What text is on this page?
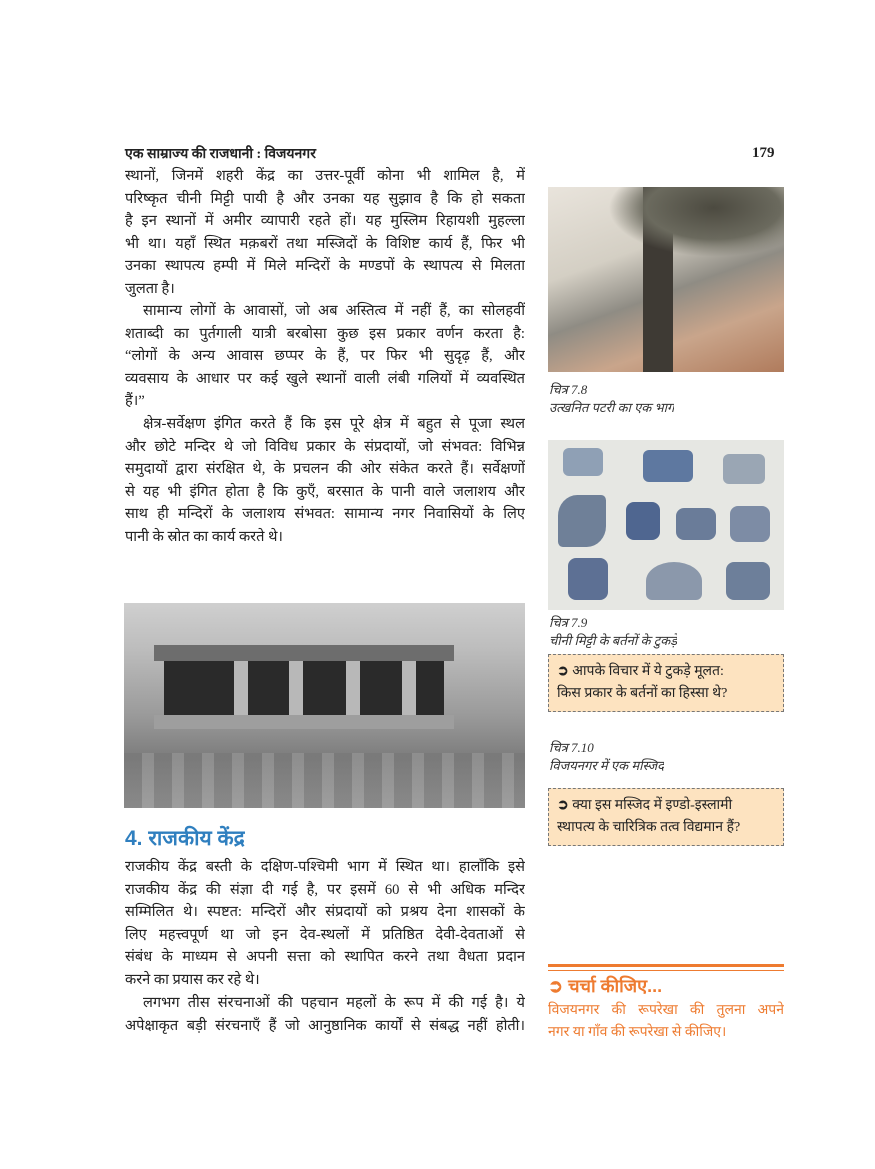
एक साम्राज्य की राजधानी : विजयनगर	179
स्थानों, जिनमें शहरी केंद्र का उत्तर-पूर्वी कोना भी शामिल है, में
परिष्कृत चीनी मिट्टी पायी है और उनका यह सुझाव है कि हो सकता
है इन स्थानों में अमीर व्यापारी रहते हों। यह मुस्लिम रिहायशी मुहल्ला
भी था। यहाँ स्थित मक़बरों तथा मस्जिदों के विशिष्ट कार्य हैं, फिर भी
उनका स्थापत्य हम्पी में मिले मन्दिरों के मण्डपों के स्थापत्य से मिलता
जुलता है।
सामान्य लोगों के आवासों, जो अब अस्तित्व में नहीं हैं, का सोलहवीं
शताब्दी का पुर्तगाली यात्री बरबोसा कुछ इस प्रकार वर्णन करता है:
“लोगों के अन्य आवास छप्पर के हैं, पर फिर भी सुदृढ़ हैं, और
व्यवसाय के आधार पर कई खुले स्थानों वाली लंबी गलियों में व्यवस्थित
हैं।”
क्षेत्र-सर्वेक्षण इंगित करते हैं कि इस पूरे क्षेत्र में बहुत से पूजा स्थल
और छोटे मन्दिर थे जो विविध प्रकार के संप्रदायों, जो संभवत: विभिन्न
समुदायों द्वारा संरक्षित थे, के प्रचलन की ओर संकेत करते हैं। सर्वेक्षणों
से यह भी इंगित होता है कि कुएँ, बरसात के पानी वाले जलाशय और
साथ ही मन्दिरों के जलाशय संभवत: सामान्य नगर निवासियों के लिए
पानी के स्रोत का कार्य करते थे।
4. राजकीय केंद्र
राजकीय केंद्र बस्ती के दक्षिण-पश्चिमी भाग में स्थित था। हालाँकि इसे
राजकीय केंद्र की संज्ञा दी गई है, पर इसमें 60 से भी अधिक मन्दिर
सम्मिलित थे। स्पष्टत: मन्दिरों और संप्रदायों को प्रश्रय देना शासकों के
लिए महत्त्वपूर्ण था जो इन देव-स्थलों में प्रतिष्ठित देवी-देवताओं से
संबंध के माध्यम से अपनी सत्ता को स्थापित करने तथा वैधता प्रदान
करने का प्रयास कर रहे थे।
लगभग तीस संरचनाओं की पहचान महलों के रूप में की गई है। ये
अपेक्षाकृत बड़ी संरचनाएँ हैं जो आनुष्ठानिक कार्यों से संबद्ध नहीं होती।
चित्र 7.8
उत्खनित पटरी का एक भाग
चित्र 7.9
चीनी मिट्टी के बर्तनों के टुकड़े
➲ आपके विचार में ये टुकड़े मूलत:
किस प्रकार के बर्तनों का हिस्सा थे?
चित्र 7.10
विजयनगर में एक मस्जिद
➲ क्या इस मस्जिद में इण्डो-इस्लामी
स्थापत्य के चारित्रिक तत्व विद्यमान हैं?
➲ चर्चा कीजिए...
विजयनगर की रूपरेखा की तुलना अपने
नगर या गाँव की रूपरेखा से कीजिए।
